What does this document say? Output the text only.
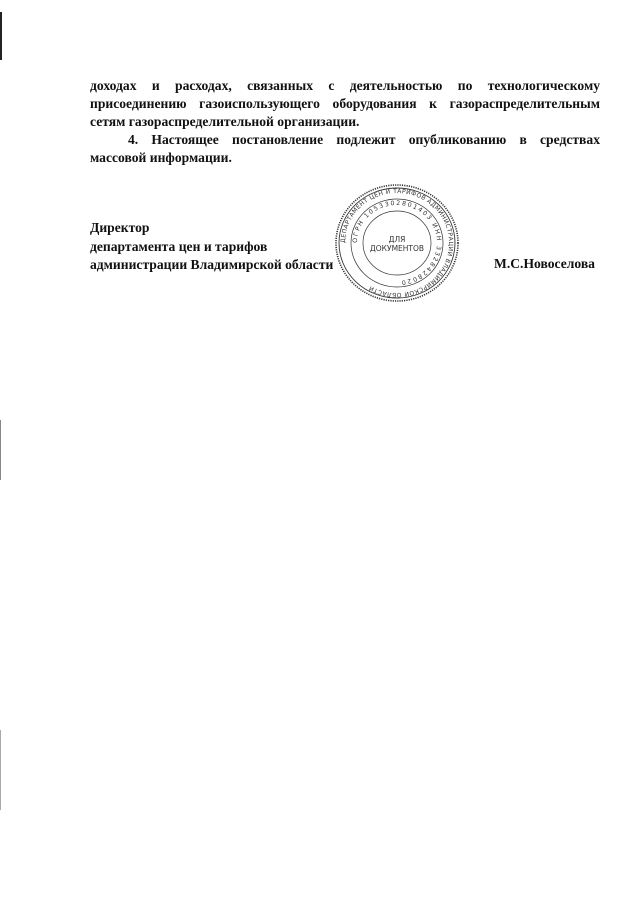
доходах и расходах, связанных с деятельностью по технологическому присоединению газоиспользующего оборудования к газораспределительным сетям газораспределительной организации.

4. Настоящее постановление подлежит опубликованию в средствах массовой информации.

Директор
департамента цен и тарифов
администрации Владимирской области
ДЕПАРТАМЕНТ ЦЕН И ТАРИФОВ АДМИНИСТРАЦИИ ВЛАДИМИРСКОЙ ОБЛАСТИ
ОГРН 1053302801403 ИНН 3328428020
ДЛЯ
ДОКУМЕНТОВ
М.С.Новоселова
